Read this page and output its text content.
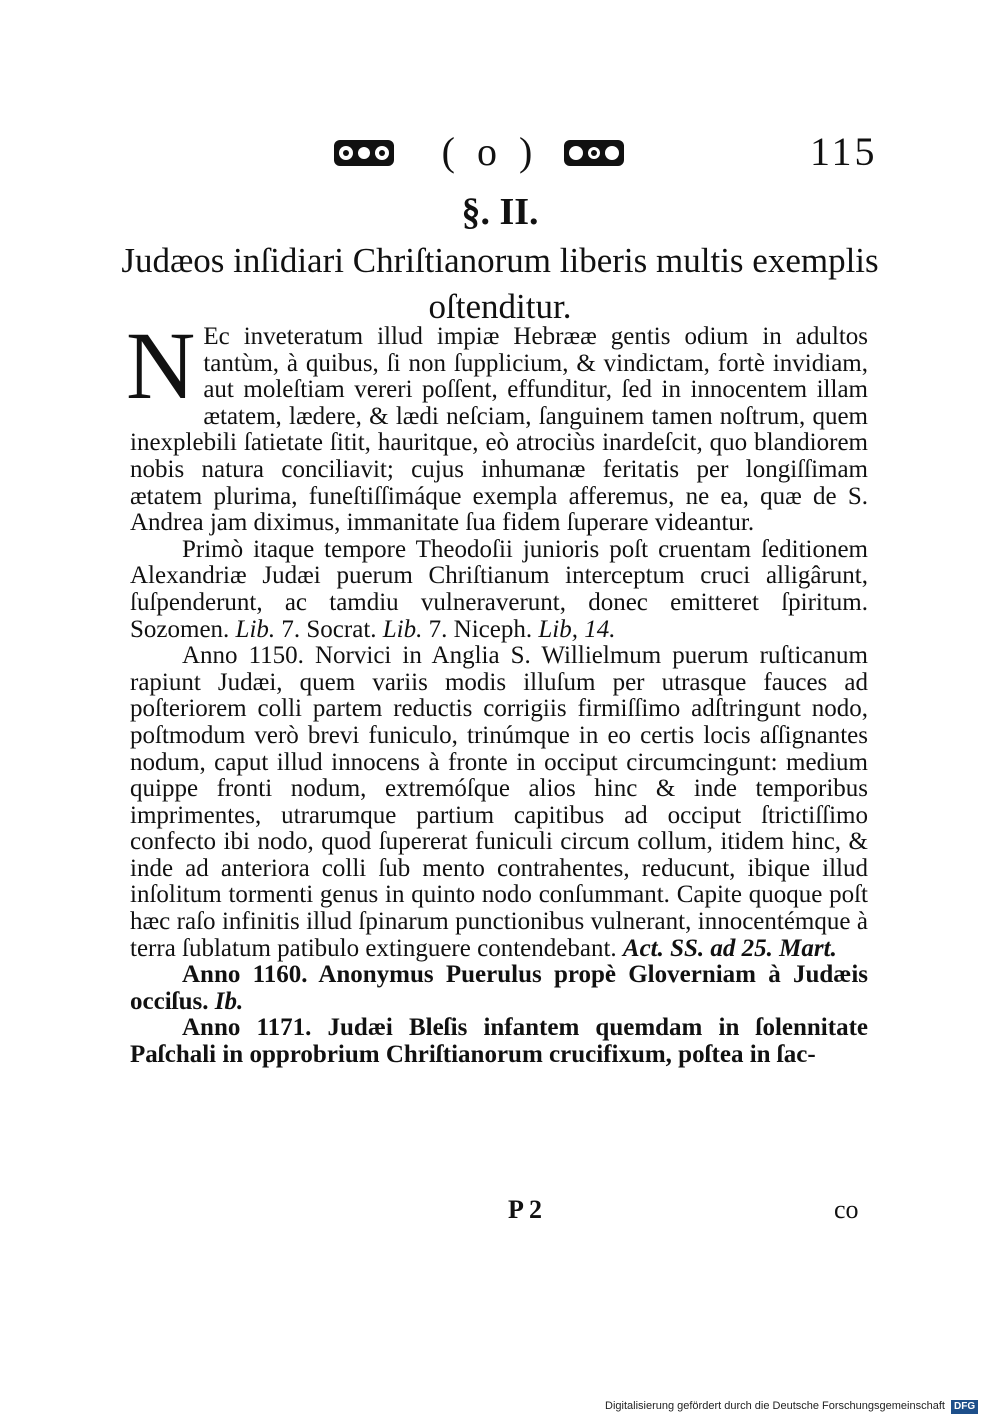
( o )	115
§. II.
Judæos inſidiari Chriſtianorum liberis multis exemplis oſtenditur.

N Ec inveteratum illud impiæ Hebrææ gentis odium in adultos tantùm, à quibus, ſi non ſupplicium, & vindictam, fortè invidiam, aut moleſtiam vereri poſſent, effunditur, ſed in innocentem illam ætatem, lædere, & lædi neſciam, ſanguinem tamen noſtrum, quem inexplebili ſatietate ſitit, hauritque, eò atrociùs inardeſcit, quo blandiorem nobis natura conciliavit; cujus inhumanæ feritatis per longiſſimam ætatem plurima, funeſtiſſimáque exempla afferemus, ne ea, quæ de S. Andrea jam diximus, immanitate ſua fidem ſuperare videantur.

Primò itaque tempore Theodoſii junioris poſt cruentam ſeditionem Alexandriæ Judæi puerum Chriſtianum interceptum cruci alligârunt, ſuſpenderunt, ac tamdiu vulneraverunt, donec emitteret ſpiritum. Sozomen. Lib. 7. Socrat. Lib. 7. Niceph. Lib, 14.

Anno 1150. Norvici in Anglia S. Willielmum puerum ruſticanum rapiunt Judæi, quem variis modis illuſum per utrasque fauces ad poſteriorem colli partem reductis corrigiis firmiſſimo adſtringunt nodo, poſtmodum verò brevi funiculo, trinúmque in eo certis locis aſſignantes nodum, caput illud innocens à fronte in occiput circumcingunt: medium quippe fronti nodum, extremóſque alios hinc & inde temporibus imprimentes, utrarumque partium capitibus ad occiput ſtrictiſſimo confecto ibi nodo, quod ſupererat funiculi circum collum, itidem hinc, & inde ad anteriora colli ſub mento contrahentes, reducunt, ibique illud inſolitum tormenti genus in quinto nodo conſummant. Capite quoque poſt hæc raſo infinitis illud ſpinarum punctionibus vulnerant, innocentémque à terra ſublatum patibulo extinguere contendebant. Act. SS. ad 25. Mart.

Anno 1160. Anonymus Puerulus propè Gloverniam à Judæis occiſus. Ib.

Anno 1171. Judæi Bleſis infantem quemdam in ſolennitate Paſchali in opprobrium Chriſtianorum crucifixum, poſtea in ſac-

P 2	co
Digitalisierung gefördert durch die Deutsche Forschungsgemeinschaft DFG
